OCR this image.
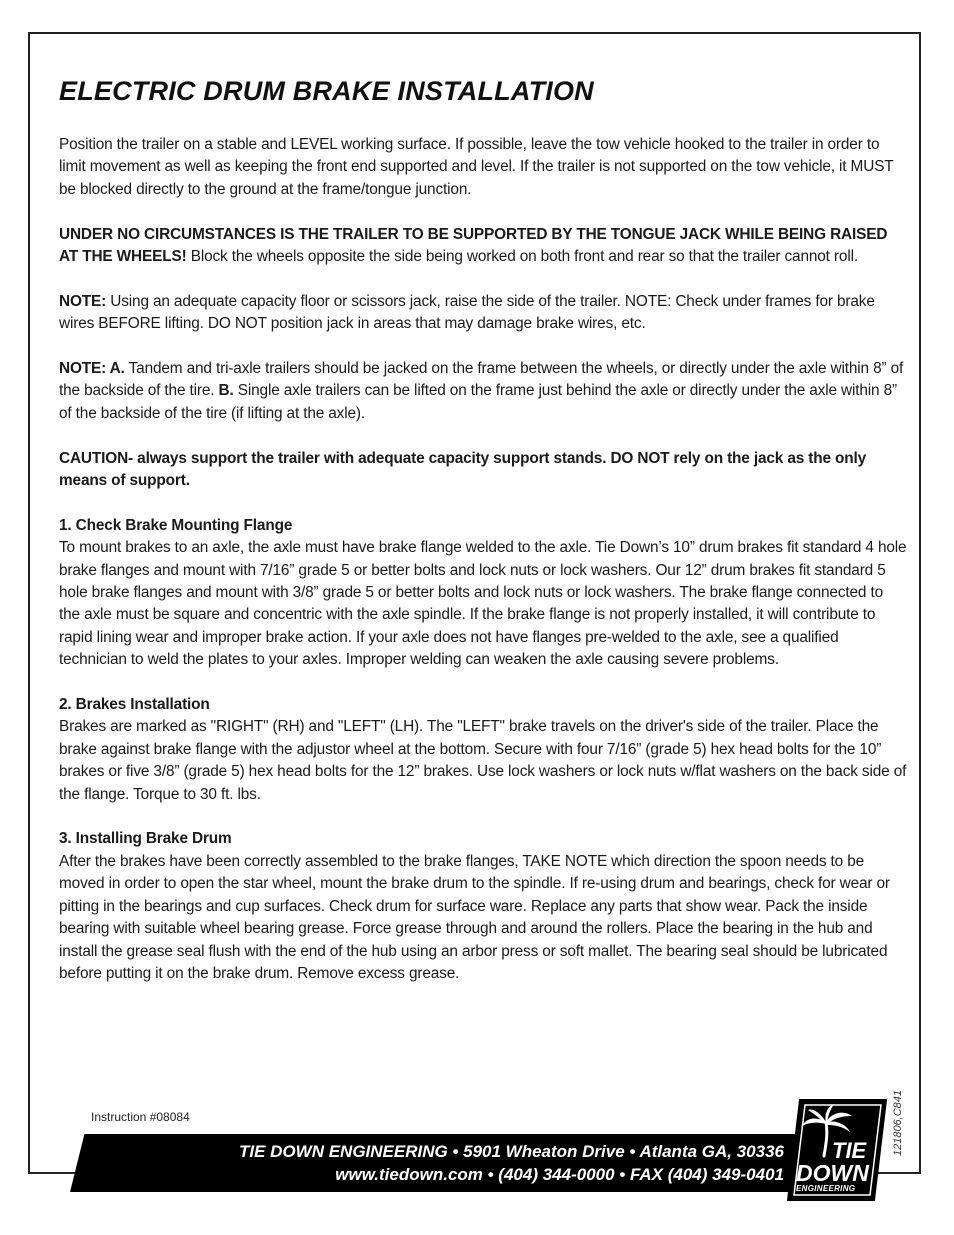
ELECTRIC DRUM BRAKE INSTALLATION

Position the trailer on a stable and LEVEL working surface. If possible, leave the tow vehicle hooked to the trailer in order to limit movement as well as keeping the front end supported and level. If the trailer is not supported on the tow vehicle, it MUST be blocked directly to the ground at the frame/tongue junction.

UNDER NO CIRCUMSTANCES IS THE TRAILER TO BE SUPPORTED BY THE TONGUE JACK WHILE BEING RAISED AT THE WHEELS! Block the wheels opposite the side being worked on both front and rear so that the trailer cannot roll.

NOTE: Using an adequate capacity floor or scissors jack, raise the side of the trailer. NOTE: Check under frames for brake wires BEFORE lifting. DO NOT position jack in areas that may damage brake wires, etc.

NOTE: A. Tandem and tri-axle trailers should be jacked on the frame between the wheels, or directly under the axle within 8” of the backside of the tire. B. Single axle trailers can be lifted on the frame just behind the axle or directly under the axle within 8” of the backside of the tire (if lifting at the axle).

CAUTION- always support the trailer with adequate capacity support stands. DO NOT rely on the jack as the only means of support.

1. Check Brake Mounting Flange
To mount brakes to an axle, the axle must have brake flange welded to the axle. Tie Down’s 10” drum brakes fit standard 4 hole brake flanges and mount with 7/16” grade 5 or better bolts and lock nuts or lock washers. Our 12” drum brakes fit standard 5 hole brake flanges and mount with 3/8” grade 5 or better bolts and lock nuts or lock washers. The brake flange connected to the axle must be square and concentric with the axle spindle. If the brake flange is not properly installed, it will contribute to rapid lining wear and improper brake action. If your axle does not have flanges pre-welded to the axle, see a qualified technician to weld the plates to your axles. Improper welding can weaken the axle causing severe problems.

2. Brakes Installation
Brakes are marked as "RIGHT" (RH) and "LEFT" (LH). The "LEFT" brake travels on the driver's side of the trailer. Place the brake against brake flange with the adjustor wheel at the bottom. Secure with four 7/16” (grade 5) hex head bolts for the 10” brakes or five 3/8” (grade 5) hex head bolts for the 12” brakes. Use lock washers or lock nuts w/flat washers on the back side of the flange. Torque to 30 ft. lbs.

3. Installing Brake Drum
After the brakes have been correctly assembled to the brake flanges, TAKE NOTE which direction the spoon needs to be moved in order to open the star wheel, mount the brake drum to the spindle. If re-using drum and bearings, check for wear or pitting in the bearings and cup surfaces. Check drum for surface ware. Replace any parts that show wear. Pack the inside bearing with suitable wheel bearing grease. Force grease through and around the rollers. Place the bearing in the hub and install the grease seal flush with the end of the hub using an arbor press or soft mallet. The bearing seal should be lubricated before putting it on the brake drum. Remove excess grease.

Instruction #08084
TIE DOWN ENGINEERING • 5901 Wheaton Drive • Atlanta GA, 30336
www.tiedown.com • (404) 344-0000 • FAX (404) 349-0401
121806,C841
TIE
DOWN
ENGINEERING
